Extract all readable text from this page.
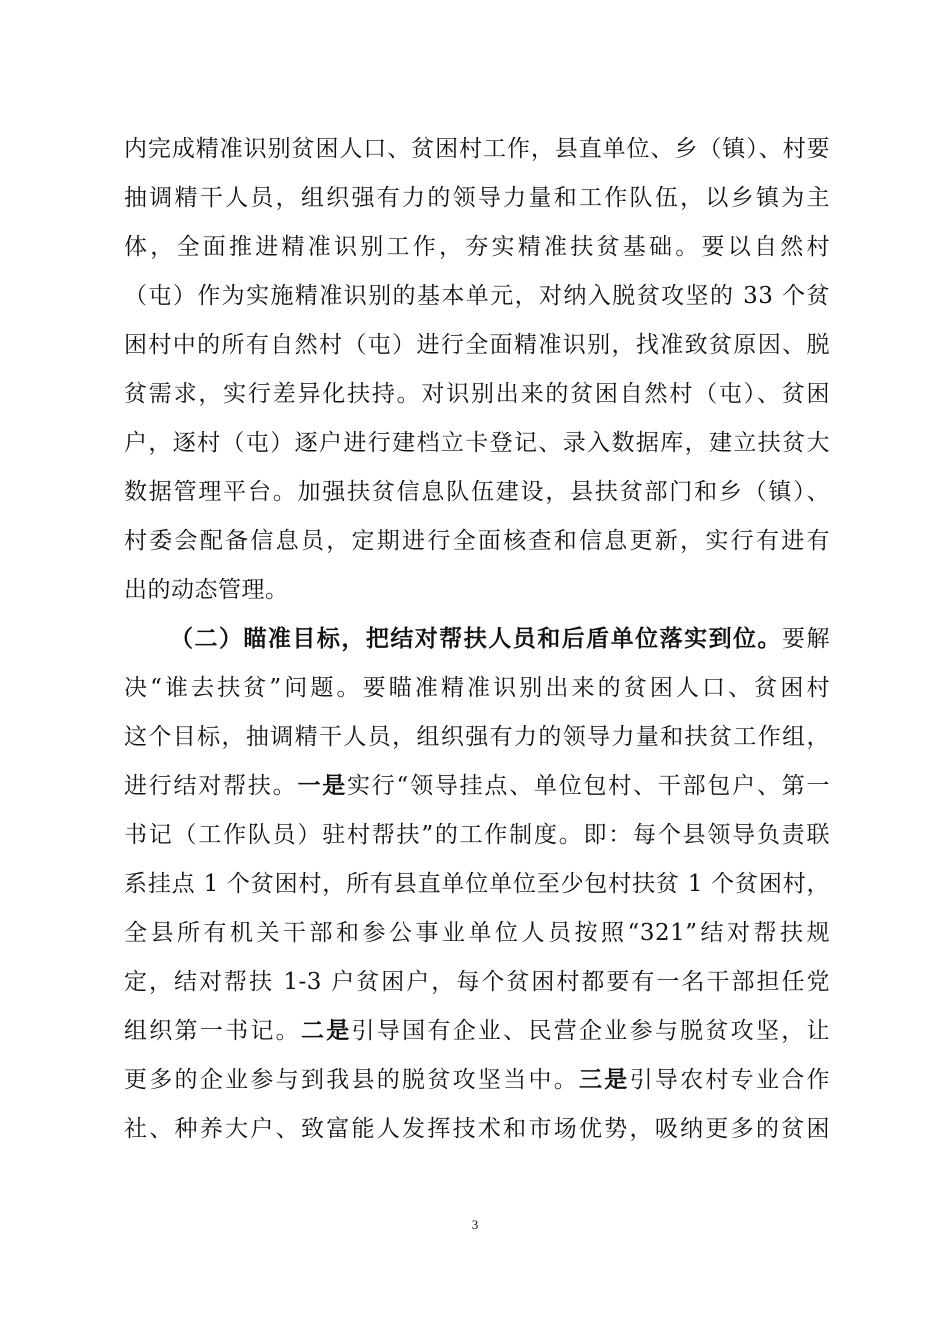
内完成精准识别贫困人口、贫困村工作，县直单位、乡（镇）、村要
抽调精干人员，组织强有力的领导力量和工作队伍，以乡镇为主
体，全面推进精准识别工作，夯实精准扶贫基础。要以自然村
（屯）作为实施精准识别的基本单元，对纳入脱贫攻坚的 33 个贫
困村中的所有自然村（屯）进行全面精准识别，找准致贫原因、脱
贫需求，实行差异化扶持。对识别出来的贫困自然村（屯）、贫困
户，逐村（屯）逐户进行建档立卡登记、录入数据库，建立扶贫大
数据管理平台。加强扶贫信息队伍建设，县扶贫部门和乡（镇）、
村委会配备信息员，定期进行全面核查和信息更新，实行有进有
出的动态管理。
（二）瞄准目标，把结对帮扶人员和后盾单位落实到位。要解
决“谁去扶贫”问题。要瞄准精准识别出来的贫困人口、贫困村
这个目标，抽调精干人员，组织强有力的领导力量和扶贫工作组，
进行结对帮扶。一是实行“领导挂点、单位包村、干部包户、第一
书记（工作队员）驻村帮扶”的工作制度。即：每个县领导负责联
系挂点 1 个贫困村，所有县直单位单位至少包村扶贫 1 个贫困村，
全县所有机关干部和参公事业单位人员按照“321”结对帮扶规
定，结对帮扶 1-3 户贫困户，每个贫困村都要有一名干部担任党
组织第一书记。二是引导国有企业、民营企业参与脱贫攻坚，让
更多的企业参与到我县的脱贫攻坚当中。三是引导农村专业合作
社、种养大户、致富能人发挥技术和市场优势，吸纳更多的贫困
3
